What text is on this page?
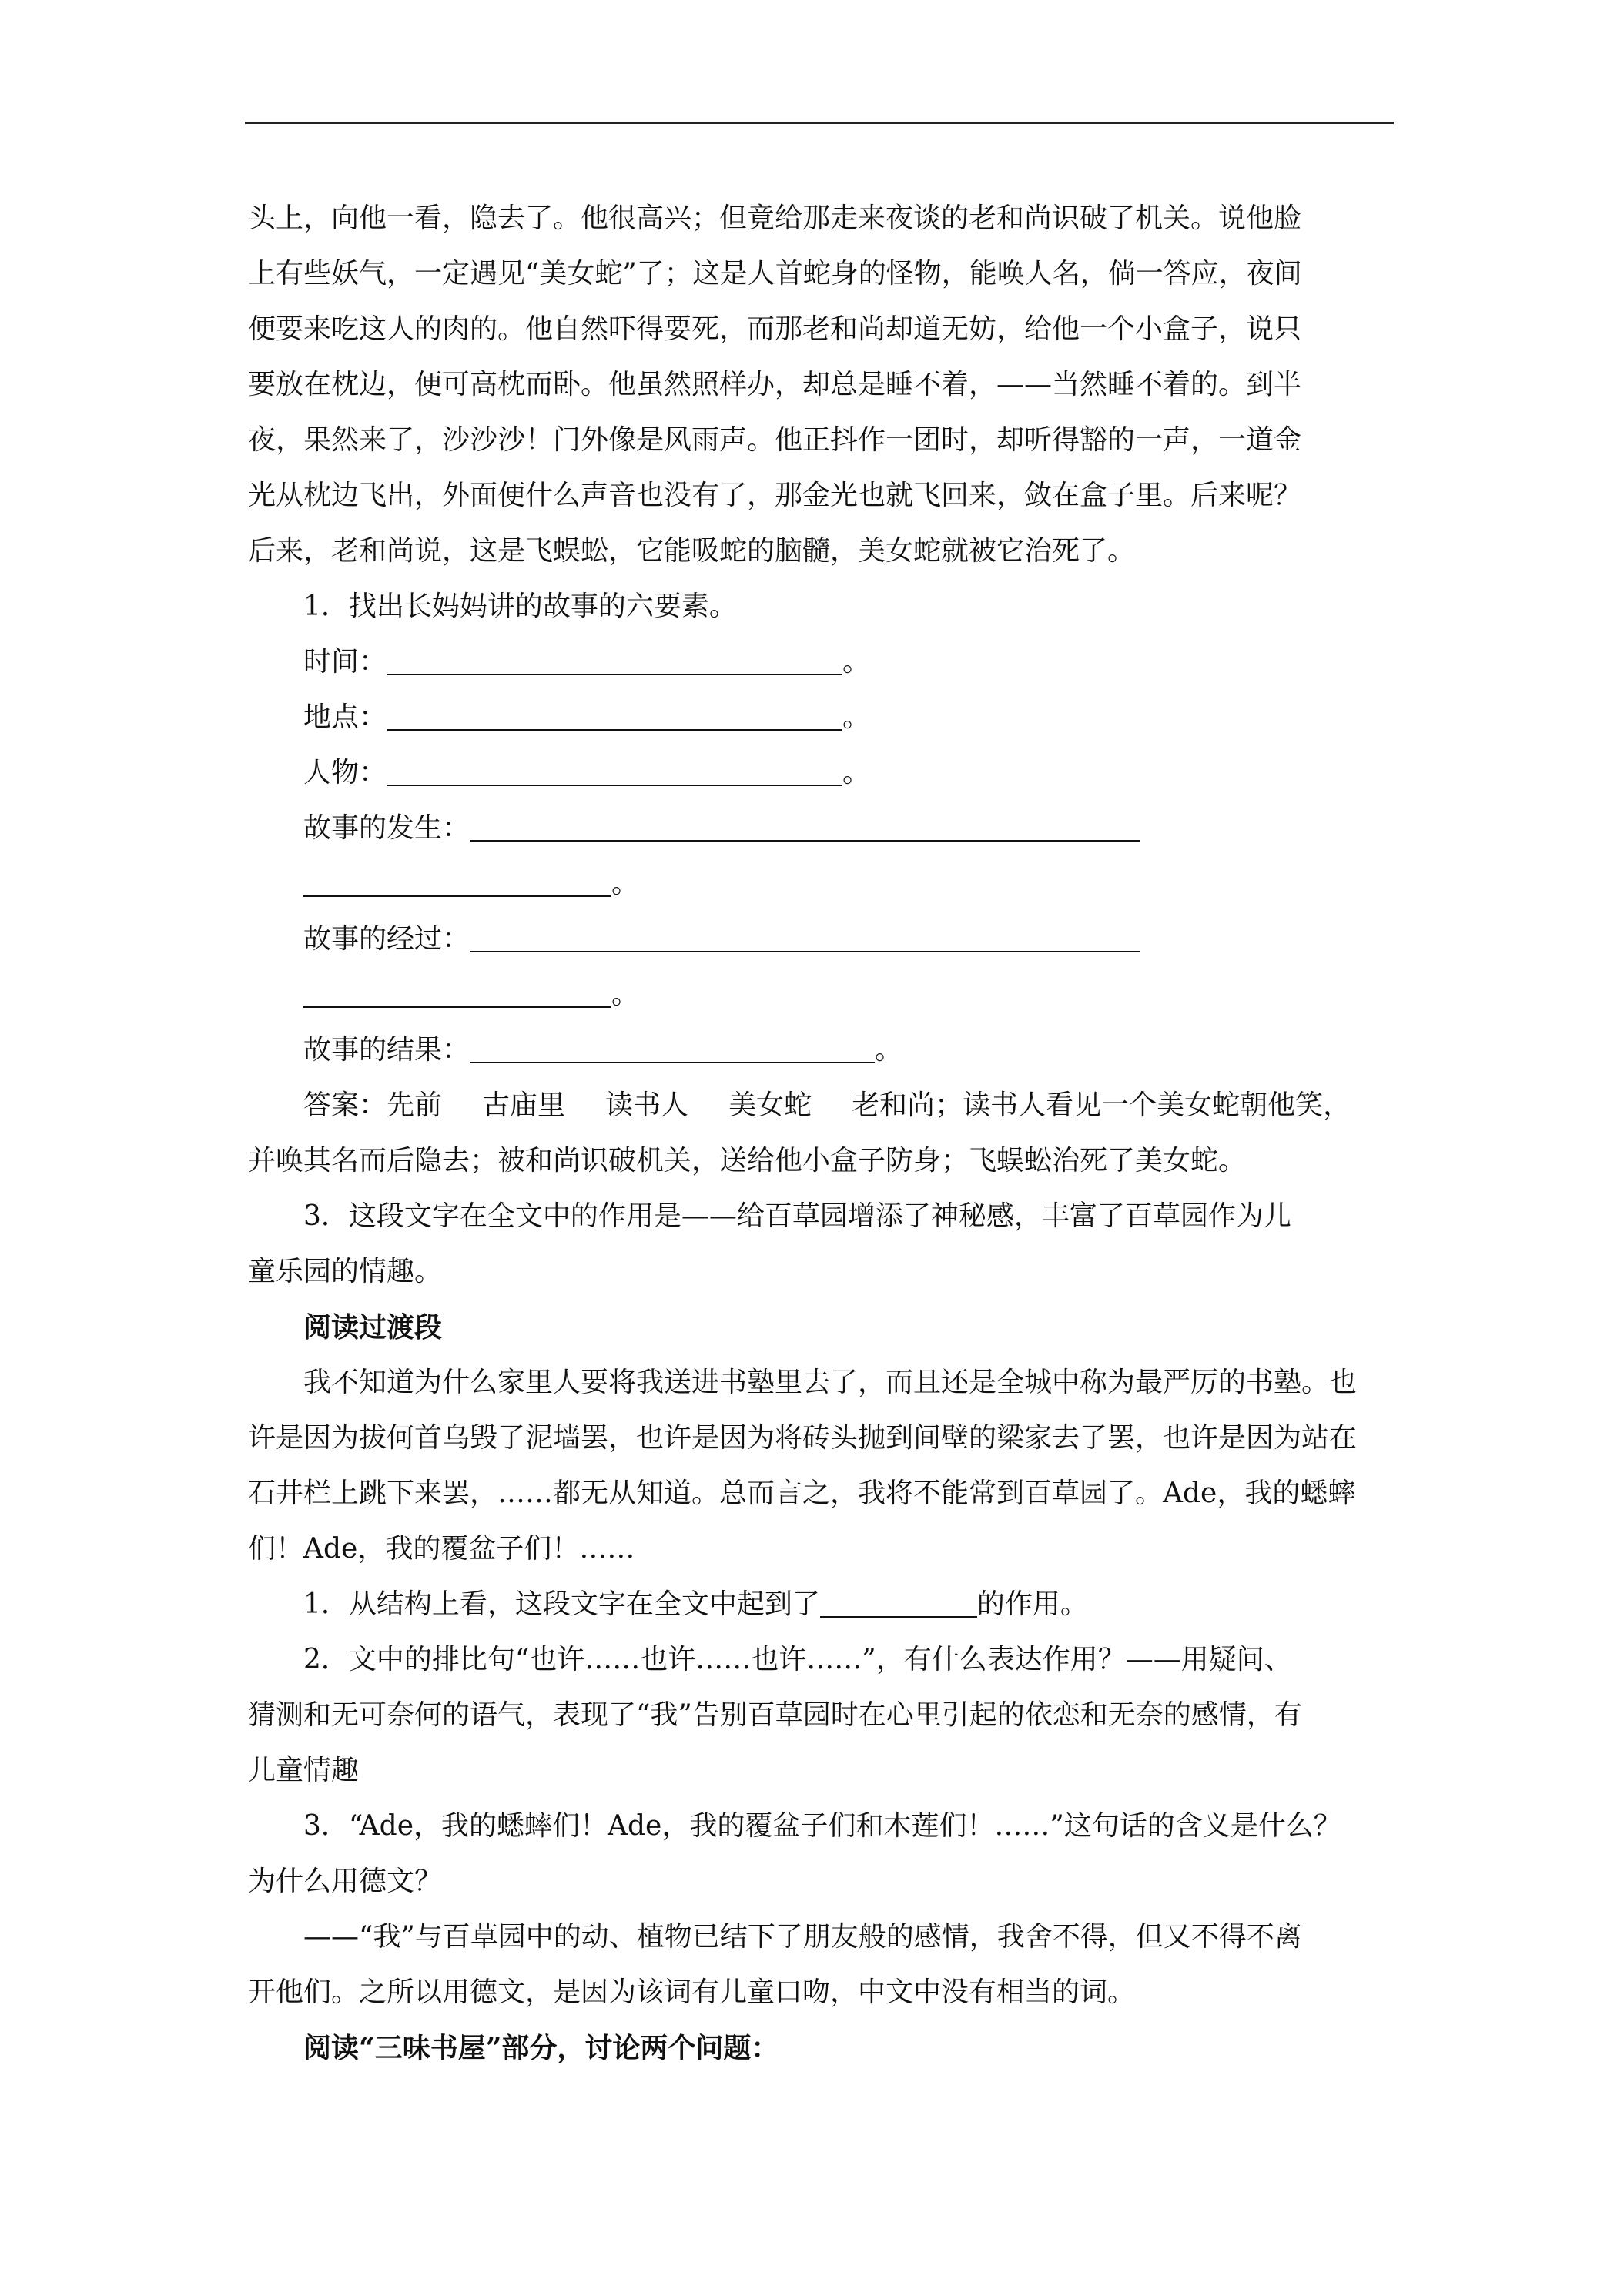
头上，向他一看，隐去了。他很高兴；但竟给那走来夜谈的老和尚识破了机关。说他脸
上有些妖气，一定遇见“美女蛇”了；这是人首蛇身的怪物，能唤人名，倘一答应，夜间
便要来吃这人的肉的。他自然吓得要死，而那老和尚却道无妨，给他一个小盒子，说只
要放在枕边，便可高枕而卧。他虽然照样办，却总是睡不着，——当然睡不着的。到半
夜，果然来了，沙沙沙！门外像是风雨声。他正抖作一团时，却听得豁的一声，一道金
光从枕边飞出，外面便什么声音也没有了，那金光也就飞回来，敛在盒子里。后来呢？
后来，老和尚说，这是飞蜈蚣，它能吸蛇的脑髓，美女蛇就被它治死了。
1．找出长妈妈讲的故事的六要素。
时间：	。
地点：	。
人物：	。
故事的发生：
。
故事的经过：
。
故事的结果：	。
答案：先前 古庙里 读书人 美女蛇 老和尚；读书人看见一个美女蛇朝他笑，
并唤其名而后隐去；被和尚识破机关，送给他小盒子防身；飞蜈蚣治死了美女蛇。
3．这段文字在全文中的作用是——给百草园增添了神秘感，丰富了百草园作为儿
童乐园的情趣。
阅读过渡段
我不知道为什么家里人要将我送进书塾里去了，而且还是全城中称为最严厉的书塾。也
许是因为拔何首乌毁了泥墙罢，也许是因为将砖头抛到间壁的梁家去了罢，也许是因为站在
石井栏上跳下来罢，……都无从知道。总而言之，我将不能常到百草园了。Ade，我的蟋蟀
们！Ade，我的覆盆子们！……
1．从结构上看，这段文字在全文中起到了	的作用。
2．文中的排比句“也许……也许……也许……”，有什么表达作用？——用疑问、
猜测和无可奈何的语气，表现了“我”告别百草园时在心里引起的依恋和无奈的感情，有
儿童情趣
3．“Ade，我的蟋蟀们！Ade，我的覆盆子们和木莲们！……”这句话的含义是什么？
为什么用德文？
——“我”与百草园中的动、植物已结下了朋友般的感情，我舍不得，但又不得不离
开他们。之所以用德文，是因为该词有儿童口吻，中文中没有相当的词。
阅读“三味书屋”部分，讨论两个问题：
